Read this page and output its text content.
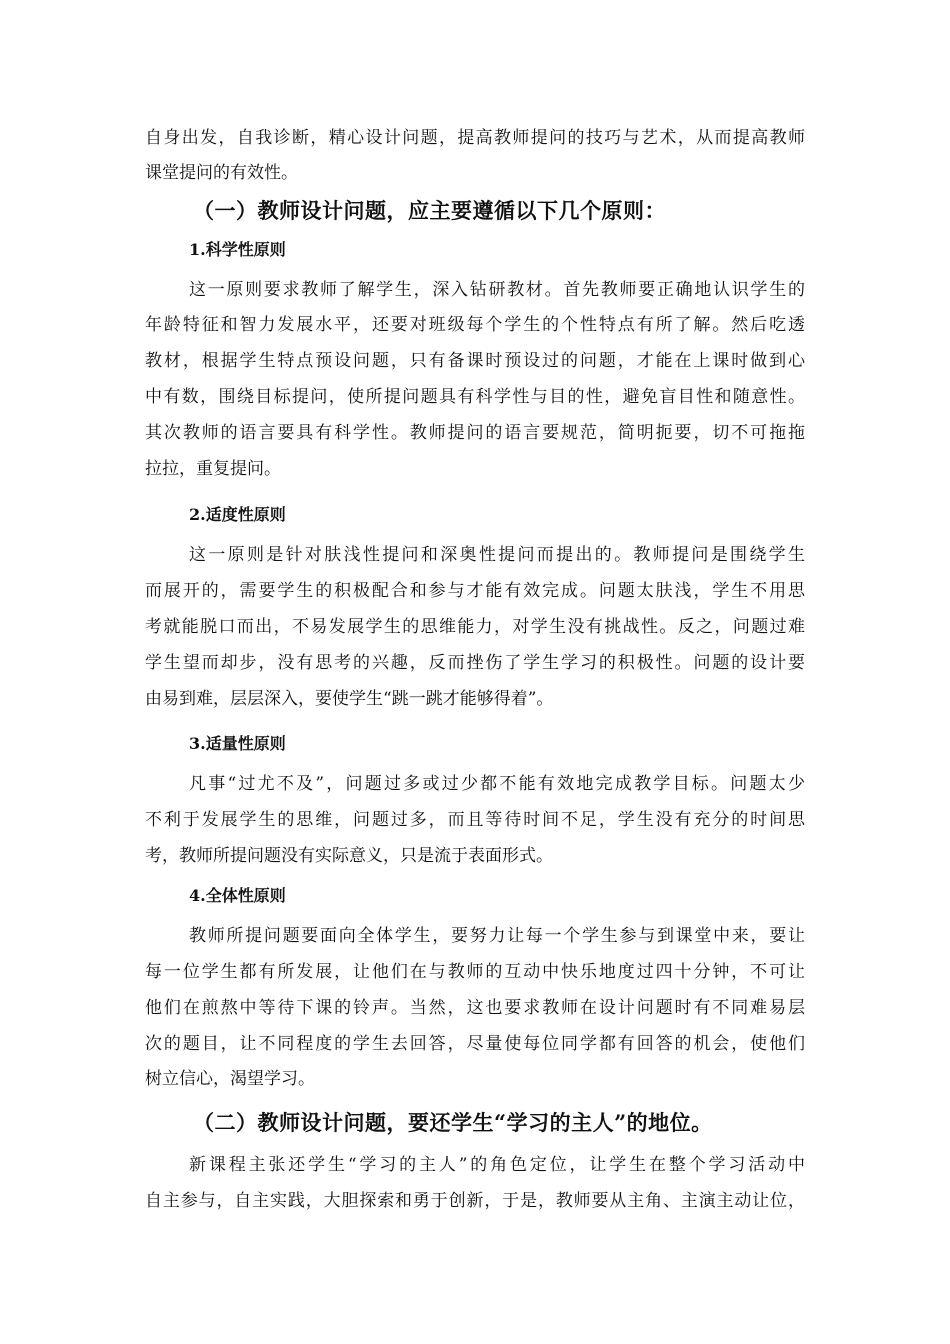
自身出发，自我诊断，精心设计问题，提高教师提问的技巧与艺术，从而提高教师
课堂提问的有效性。
（一）教师设计问题，应主要遵循以下几个原则：
1.科学性原则
这一原则要求教师了解学生，深入钻研教材。首先教师要正确地认识学生的
年龄特征和智力发展水平，还要对班级每个学生的个性特点有所了解。然后吃透
教材，根据学生特点预设问题，只有备课时预设过的问题，才能在上课时做到心
中有数，围绕目标提问，使所提问题具有科学性与目的性，避免盲目性和随意性。
其次教师的语言要具有科学性。教师提问的语言要规范，简明扼要，切不可拖拖
拉拉，重复提问。
2.适度性原则
这一原则是针对肤浅性提问和深奥性提问而提出的。教师提问是围绕学生
而展开的，需要学生的积极配合和参与才能有效完成。问题太肤浅，学生不用思
考就能脱口而出，不易发展学生的思维能力，对学生没有挑战性。反之，问题过难
学生望而却步，没有思考的兴趣，反而挫伤了学生学习的积极性。问题的设计要
由易到难，层层深入，要使学生“跳一跳才能够得着”。
3.适量性原则
凡事“过尤不及”，问题过多或过少都不能有效地完成教学目标。问题太少
不利于发展学生的思维，问题过多，而且等待时间不足，学生没有充分的时间思
考，教师所提问题没有实际意义，只是流于表面形式。
4.全体性原则
教师所提问题要面向全体学生，要努力让每一个学生参与到课堂中来，要让
每一位学生都有所发展，让他们在与教师的互动中快乐地度过四十分钟，不可让
他们在煎熬中等待下课的铃声。当然，这也要求教师在设计问题时有不同难易层
次的题目，让不同程度的学生去回答，尽量使每位同学都有回答的机会，使他们
树立信心，渴望学习。
（二）教师设计问题，要还学生“学习的主人”的地位。
新课程主张还学生“学习的主人”的角色定位，让学生在整个学习活动中
自主参与，自主实践，大胆探索和勇于创新，于是，教师要从主角、主演主动让位，
